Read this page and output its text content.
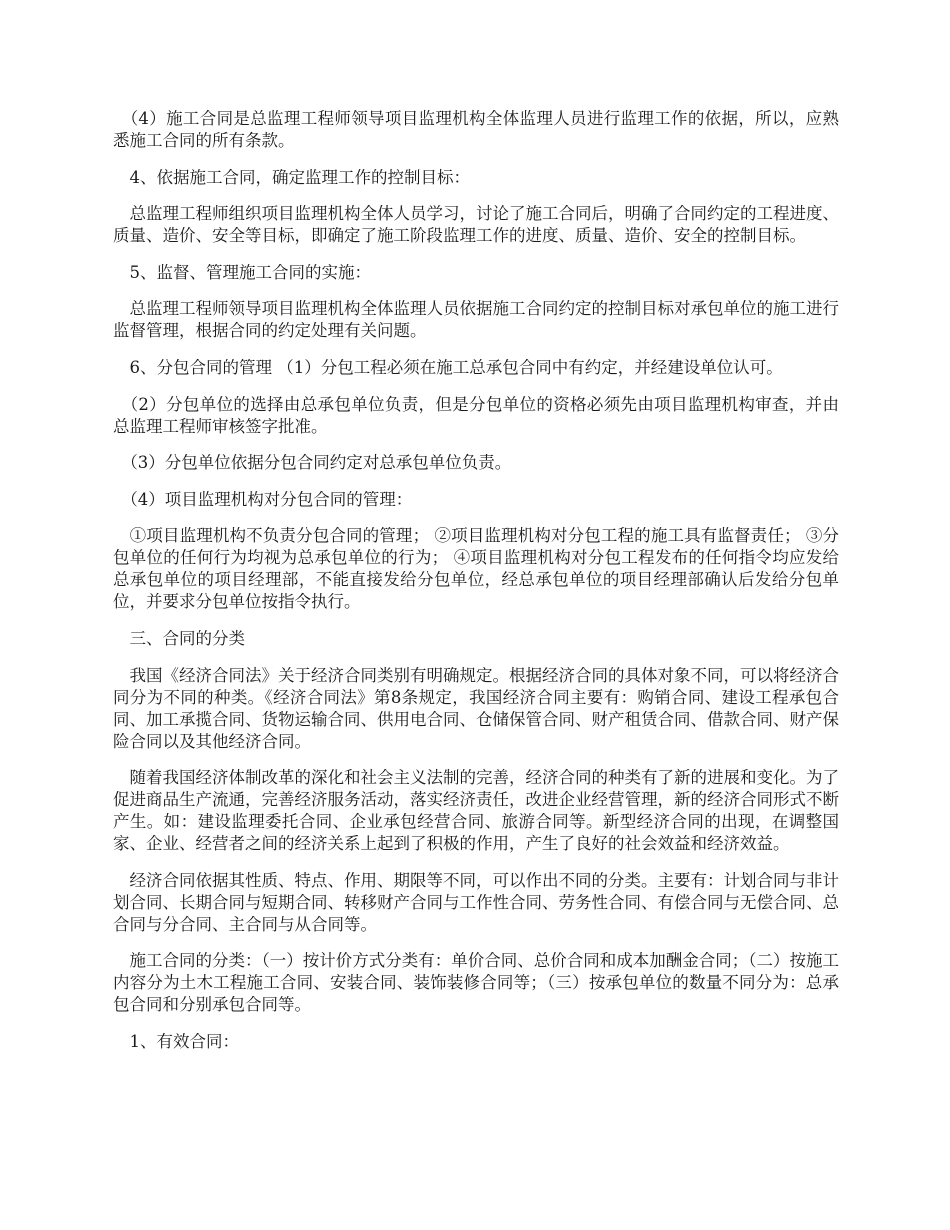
　（4）施工合同是总监理工程师领导项目监理机构全体监理人员进行监理工作的依据，所以，应熟悉施工合同的所有条款。

　4、依据施工合同，确定监理工作的控制目标：

　总监理工程师组织项目监理机构全体人员学习，讨论了施工合同后，明确了合同约定的工程进度、质量、造价、安全等目标，即确定了施工阶段监理工作的进度、质量、造价、安全的控制目标。

　5、监督、管理施工合同的实施：

　总监理工程师领导项目监理机构全体监理人员依据施工合同约定的控制目标对承包单位的施工进行监督管理，根据合同的约定处理有关问题。

　6、分包合同的管理 （1）分包工程必须在施工总承包合同中有约定，并经建设单位认可。

　（2）分包单位的选择由总承包单位负责，但是分包单位的资格必须先由项目监理机构审查，并由总监理工程师审核签字批准。

　（3）分包单位依据分包合同约定对总承包单位负责。

　（4）项目监理机构对分包合同的管理：

　①项目监理机构不负责分包合同的管理； ②项目监理机构对分包工程的施工具有监督责任； ③分包单位的任何行为均视为总承包单位的行为； ④项目监理机构对分包工程发布的任何指令均应发给总承包单位的项目经理部，不能直接发给分包单位，经总承包单位的项目经理部确认后发给分包单位，并要求分包单位按指令执行。

　三、合同的分类

　我国《经济合同法》关于经济合同类别有明确规定。根据经济合同的具体对象不同，可以将经济合同分为不同的种类。《经济合同法》第8条规定，我国经济合同主要有：购销合同、建设工程承包合同、加工承揽合同、货物运输合同、供用电合同、仓储保管合同、财产租赁合同、借款合同、财产保险合同以及其他经济合同。

　随着我国经济体制改革的深化和社会主义法制的完善，经济合同的种类有了新的进展和变化。为了促进商品生产流通，完善经济服务活动，落实经济责任，改进企业经营管理，新的经济合同形式不断产生。如：建设监理委托合同、企业承包经营合同、旅游合同等。新型经济合同的出现，在调整国家、企业、经营者之间的经济关系上起到了积极的作用，产生了良好的社会效益和经济效益。

　经济合同依据其性质、特点、作用、期限等不同，可以作出不同的分类。主要有：计划合同与非计划合同、长期合同与短期合同、转移财产合同与工作性合同、劳务性合同、有偿合同与无偿合同、总合同与分合同、主合同与从合同等。

　施工合同的分类：（一）按计价方式分类有：单价合同、总价合同和成本加酬金合同；（二）按施工内容分为土木工程施工合同、安装合同、装饰装修合同等；（三）按承包单位的数量不同分为：总承包合同和分别承包合同等。

　1、有效合同：
